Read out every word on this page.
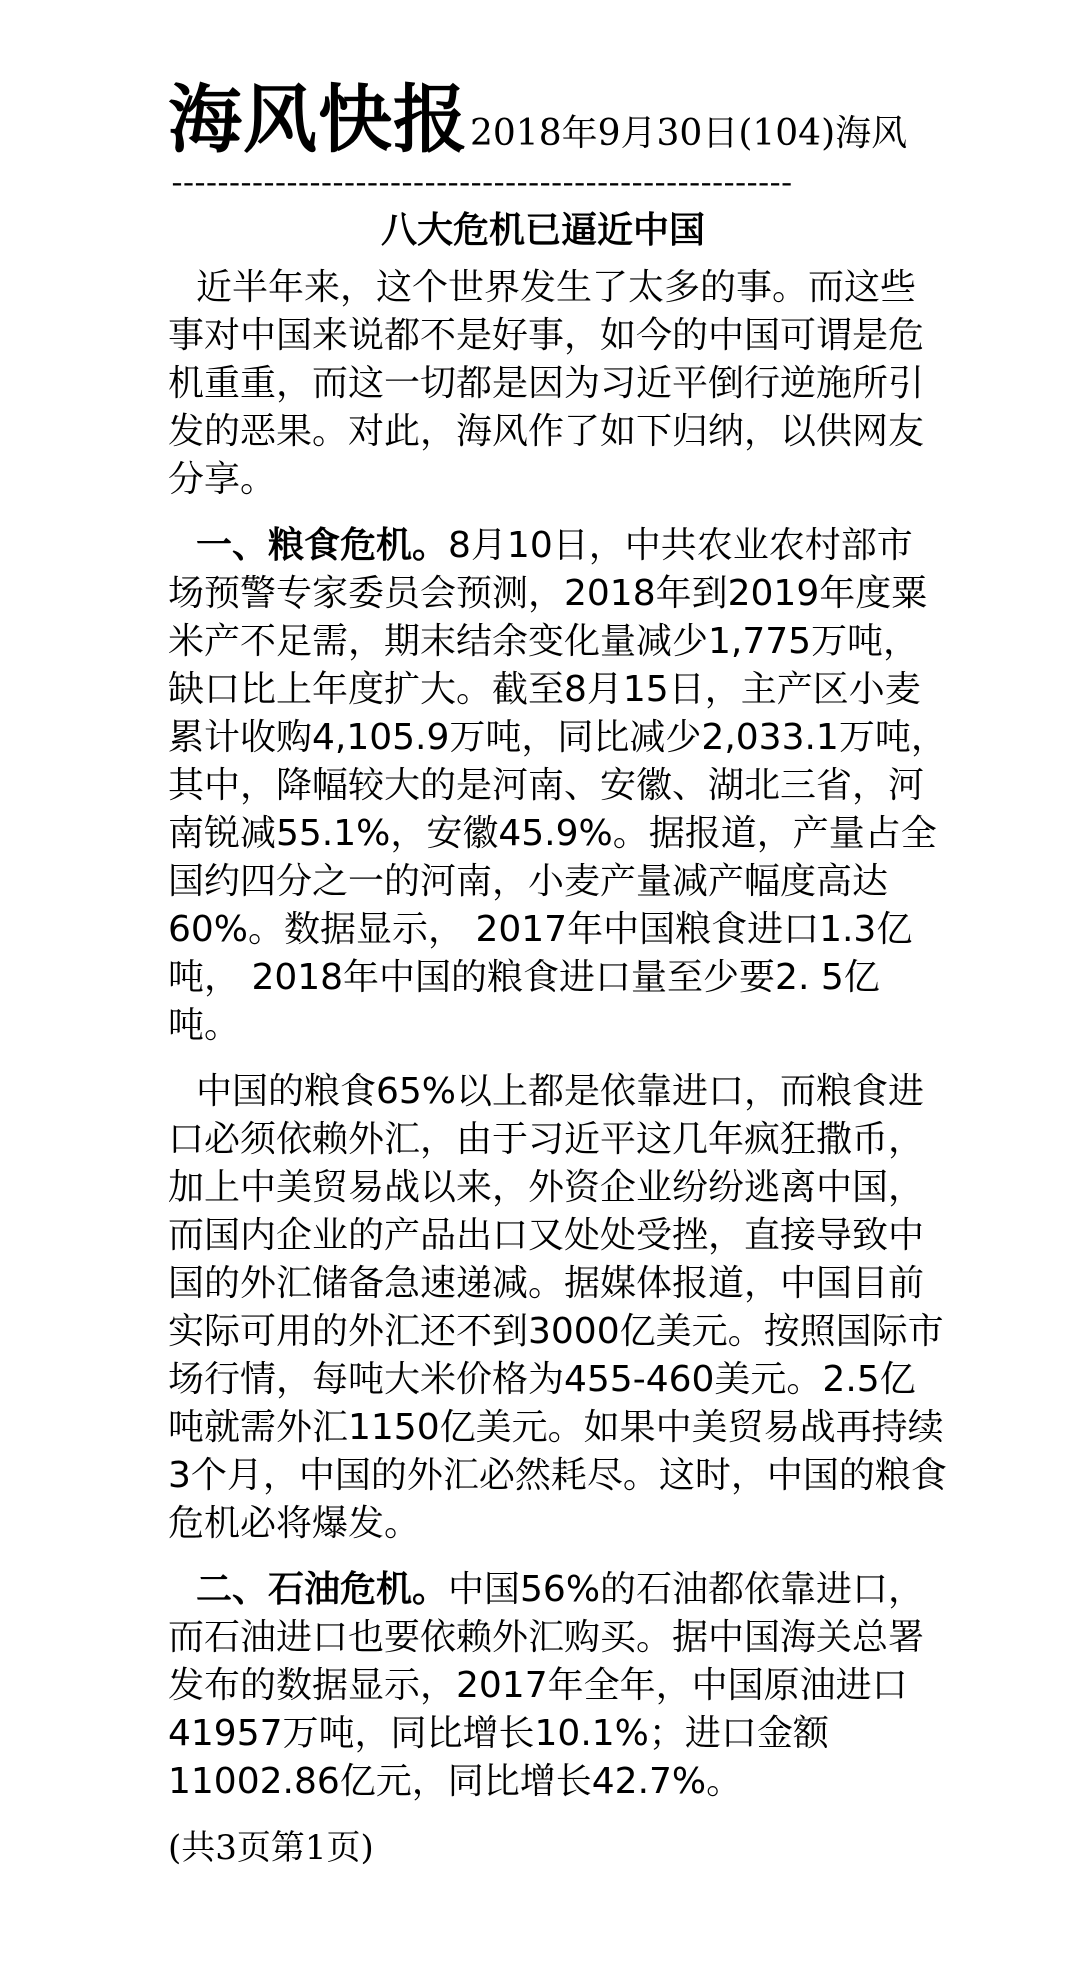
海风快报 2018年9月30日(104)海风
------------------------------------------------------
八大危机已逼近中国

近半年来，这个世界发生了太多的事。而这些事对中国来说都不是好事，如今的中国可谓是危机重重，而这一切都是因为习近平倒行逆施所引发的恶果。对此，海风作了如下归纳，以供网友分享。

一、粮食危机。8月10日，中共农业农村部市场预警专家委员会预测，2018年到2019年度粟米产不足需，期末结余变化量减少1,775万吨，缺口比上年度扩大。截至8月15日，主产区小麦累计收购4,105.9万吨，同比减少2,033.1万吨，其中，降幅较大的是河南、安徽、湖北三省，河南锐减55.1%，安徽45.9%。据报道，产量占全国约四分之一的河南，小麦产量减产幅度高达60%。数据显示， 2017年中国粮食进口1.3亿吨， 2018年中国的粮食进口量至少要2. 5亿吨。

中国的粮食65%以上都是依靠进口，而粮食进口必须依赖外汇，由于习近平这几年疯狂撒币，加上中美贸易战以来，外资企业纷纷逃离中国，而国内企业的产品出口又处处受挫，直接导致中国的外汇储备急速递减。据媒体报道，中国目前实际可用的外汇还不到3000亿美元。按照国际市场行情，每吨大米价格为455-460美元。2.5亿吨就需外汇1150亿美元。如果中美贸易战再持续3个月，中国的外汇必然耗尽。这时，中国的粮食危机必将爆发。

二、石油危机。中国56%的石油都依靠进口，而石油进口也要依赖外汇购买。据中国海关总署发布的数据显示，2017年全年，中国原油进口41957万吨，同比增长10.1%；进口金额11002.86亿元，同比增长42.7%。

(共3页第1页)
